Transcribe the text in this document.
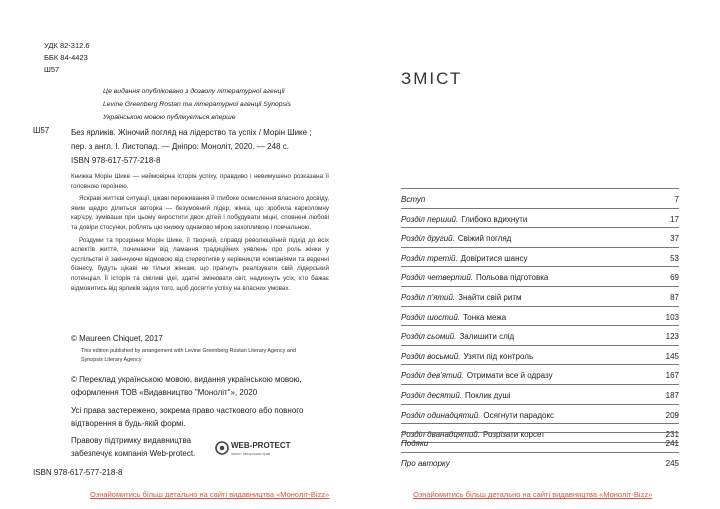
УДК 82-312.6
ББК 84-4423
Ш57
Це видання опубліковано з дозволу літературної агенції
Levine Greenberg Rostan та літературної агенції Synopsis
Українською мовою публікується вперше
Ш57	Без ярликів. Жіночий погляд на лідерство та успіх / Морін Шике ; пер. з англ. І. Листопад. — Дніпро: Моноліт, 2020. — 248 с.
ISBN 978-617-577-218-8

Книжка Морін Шике — неймовірна історія успіху, правдиво і невимушено розказана її головною героїнею.

Яскраві життєві ситуації, цікаві переживання й глибоке осмислення власного досвіду, яким щедро ділиться авторка — безумовний лідер, жінка, що зробила карколомну кар'єру, зуміваши при цьому виростити двох дітей і побудувати міцні, сповнені любові та довіри стосунки, роблять цю книжку однаково мірою захопливою і повчальною.

Роздуми та прозріння Морін Шике, її творчий, справді революційний підхід до всіх аспектів життя, починаючи від ламання традиційних уявлень про роль жінки у суспільстві й закінчуючи відмовою від стереотипів у керівництві компаніями та веденні бізнесу, будуть цікаві не тільки жінкам, що прагнуть реалізувати свій лідерський потенціал. Її історія та сміливі ідеї, здатні змінювати світ, надихнуть усіх, хто бажає відмовитись від ярликів задля того, щоб досягти успіху на власних умовах.

© Maureen Chiquet, 2017
This edition published by arrangement with Levine Greenberg Rostan Literary Agency and
Synopsis Literary Agency
© Переклад українською мовою, видання українською мовою, оформлення ТОВ «Видавництво "Моноліт"», 2020
Усі права застережено, зокрема право часткового або повного відтворення в будь-якій формі.
Правову підтримку видавництва забезпечує компанія Web-protect.
WEB-PROTECT
захист авторських прав
ISBN 978-617-577-218-8
Ознайомитись більш детально на сайті видавництва «Моноліт-Bizz»
ЗМІСТ
Вступ	7
Розділ перший. Глибоко вдихнути	17
Розділ другий. Свіжий погляд	37
Розділ третій. Довіритися шансу	53
Розділ четвертий. Польова підготовка	69
Розділ п'ятий. Знайти свій ритм	87
Розділ шостий. Тонка межа	103
Розділ сьомий. Залишити слід	123
Розділ восьмий. Узяти під контроль	145
Розділ дев'ятий. Отримати все й одразу	167
Розділ десятий. Поклик душі	187
Розділ одинадцятий. Осягнути парадокс	209
Розділ дванадцятий. Розрізати корсет	231
Подяки	241
Про авторку	245
Ознайомитись більш детально на сайті видавництва «Моноліт-Bizz»
